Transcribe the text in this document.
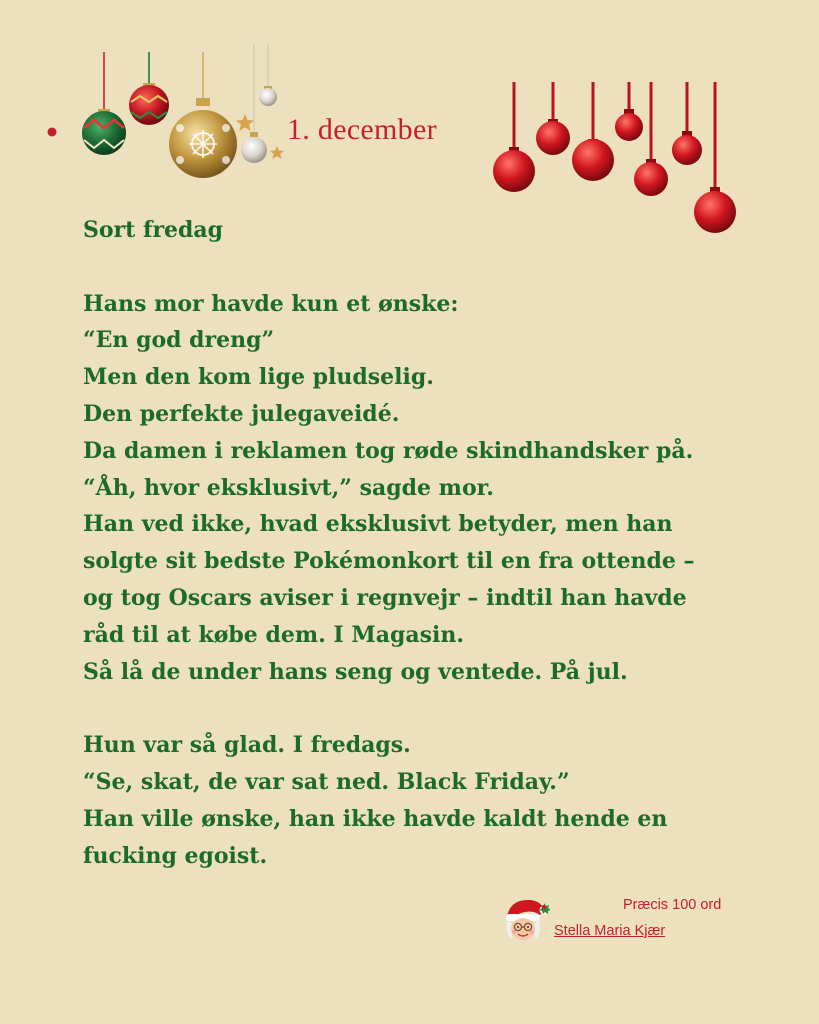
1. december
Sort fredag
Hans mor havde kun et ønske:
“En god dreng”
Men den kom lige pludselig.
Den perfekte julegaveidé.
Da damen i reklamen tog røde skindhandsker på.
“Åh, hvor eksklusivt,” sagde mor.
Han ved ikke, hvad eksklusivt betyder, men han
solgte sit bedste Pokémonkort til en fra ottende –
og tog Oscars aviser i regnvejr – indtil han havde
råd til at købe dem. I Magasin.
Så lå de under hans seng og ventede. På jul.
Hun var så glad. I fredags.
“Se, skat, de var sat ned. Black Friday.”
Han ville ønske, han ikke havde kaldt hende en
fucking egoist.
Præcis 100 ord
Stella Maria Kjær
